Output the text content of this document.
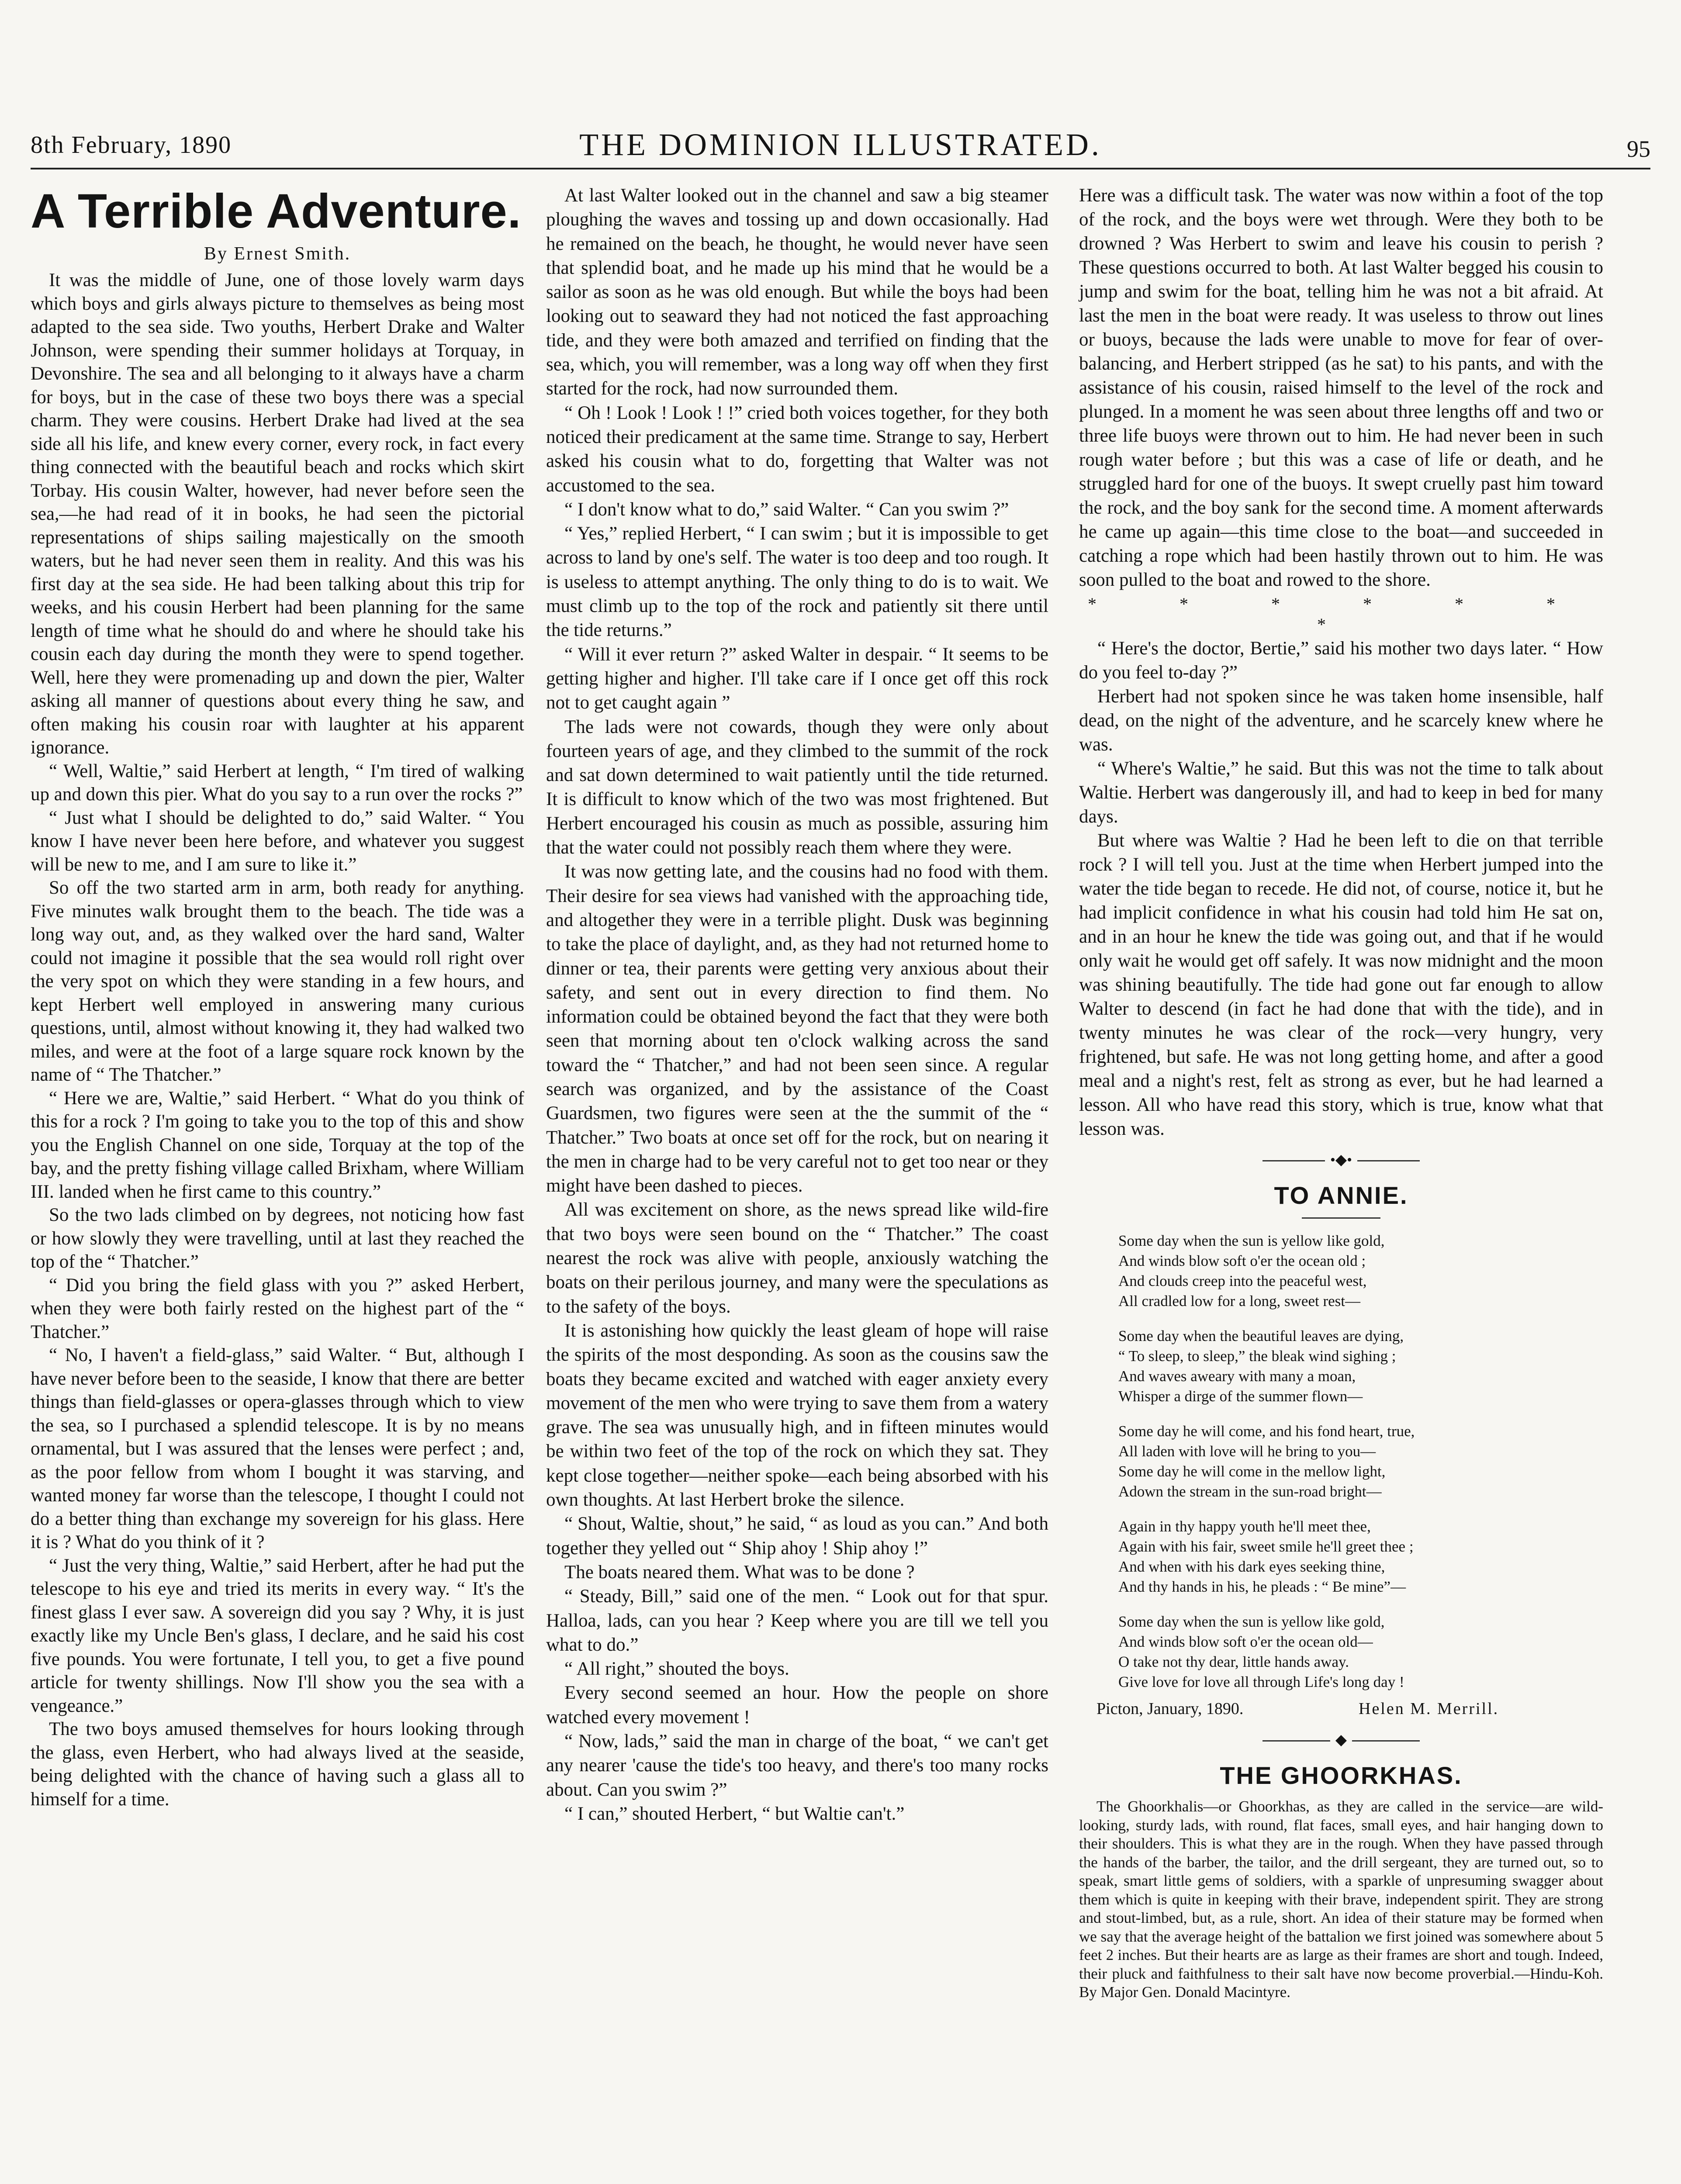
8th February, 1890	THE DOMINION ILLUSTRATED.	95
A Terrible Adventure.
By Ernest Smith.

It was the middle of June, one of those lovely warm days which boys and girls always picture to themselves as being most adapted to the sea side. Two youths, Herbert Drake and Walter Johnson, were spending their summer holidays at Torquay, in Devonshire. The sea and all belonging to it always have a charm for boys, but in the case of these two boys there was a special charm. They were cousins. Herbert Drake had lived at the sea side all his life, and knew every corner, every rock, in fact every thing connected with the beautiful beach and rocks which skirt Torbay. His cousin Walter, however, had never before seen the sea,—he had read of it in books, he had seen the pictorial representations of ships sailing majestically on the smooth waters, but he had never seen them in reality. And this was his first day at the sea side. He had been talking about this trip for weeks, and his cousin Herbert had been planning for the same length of time what he should do and where he should take his cousin each day during the month they were to spend together. Well, here they were promenading up and down the pier, Walter asking all manner of questions about every thing he saw, and often making his cousin roar with laughter at his apparent ignorance.

“ Well, Waltie,” said Herbert at length, “ I'm tired of walking up and down this pier. What do you say to a run over the rocks ?”

“ Just what I should be delighted to do,” said Walter. “ You know I have never been here before, and whatever you suggest will be new to me, and I am sure to like it.”

So off the two started arm in arm, both ready for anything. Five minutes walk brought them to the beach. The tide was a long way out, and, as they walked over the hard sand, Walter could not imagine it possible that the sea would roll right over the very spot on which they were standing in a few hours, and kept Herbert well employed in answering many curious questions, until, almost without knowing it, they had walked two miles, and were at the foot of a large square rock known by the name of “ The Thatcher.”

“ Here we are, Waltie,” said Herbert. “ What do you think of this for a rock ? I'm going to take you to the top of this and show you the English Channel on one side, Torquay at the top of the bay, and the pretty fishing village called Brixham, where William III. landed when he first came to this country.”

So the two lads climbed on by degrees, not noticing how fast or how slowly they were travelling, until at last they reached the top of the “ Thatcher.”

“ Did you bring the field glass with you ?” asked Herbert, when they were both fairly rested on the highest part of the “ Thatcher.”

“ No, I haven't a field-glass,” said Walter. “ But, although I have never before been to the seaside, I know that there are better things than field-glasses or opera-glasses through which to view the sea, so I purchased a splendid telescope. It is by no means ornamental, but I was assured that the lenses were perfect ; and, as the poor fellow from whom I bought it was starving, and wanted money far worse than the telescope, I thought I could not do a better thing than exchange my sovereign for his glass. Here it is ? What do you think of it ?

“ Just the very thing, Waltie,” said Herbert, after he had put the telescope to his eye and tried its merits in every way. “ It's the finest glass I ever saw. A sovereign did you say ? Why, it is just exactly like my Uncle Ben's glass, I declare, and he said his cost five pounds. You were fortunate, I tell you, to get a five pound article for twenty shillings. Now I'll show you the sea with a vengeance.”

The two boys amused themselves for hours looking through the glass, even Herbert, who had always lived at the seaside, being delighted with the chance of having such a glass all to himself for a time.

At last Walter looked out in the channel and saw a big steamer ploughing the waves and tossing up and down occasionally. Had he remained on the beach, he thought, he would never have seen that splendid boat, and he made up his mind that he would be a sailor as soon as he was old enough. But while the boys had been looking out to seaward they had not noticed the fast approaching tide, and they were both amazed and terrified on finding that the sea, which, you will remember, was a long way off when they first started for the rock, had now surrounded them.

“ Oh ! Look ! Look ! !” cried both voices together, for they both noticed their predicament at the same time. Strange to say, Herbert asked his cousin what to do, forgetting that Walter was not accustomed to the sea.

“ I don't know what to do,” said Walter. “ Can you swim ?”

“ Yes,” replied Herbert, “ I can swim ; but it is impossible to get across to land by one's self. The water is too deep and too rough. It is useless to attempt anything. The only thing to do is to wait. We must climb up to the top of the rock and patiently sit there until the tide returns.”

“ Will it ever return ?” asked Walter in despair. “ It seems to be getting higher and higher. I'll take care if I once get off this rock not to get caught again ”

The lads were not cowards, though they were only about fourteen years of age, and they climbed to the summit of the rock and sat down determined to wait patiently until the tide returned. It is difficult to know which of the two was most frightened. But Herbert encouraged his cousin as much as possible, assuring him that the water could not possibly reach them where they were.

It was now getting late, and the cousins had no food with them. Their desire for sea views had vanished with the approaching tide, and altogether they were in a terrible plight. Dusk was beginning to take the place of daylight, and, as they had not returned home to dinner or tea, their parents were getting very anxious about their safety, and sent out in every direction to find them. No information could be obtained beyond the fact that they were both seen that morning about ten o'clock walking across the sand toward the “ Thatcher,” and had not been seen since. A regular search was organized, and by the assistance of the Coast Guardsmen, two figures were seen at the the summit of the “ Thatcher.” Two boats at once set off for the rock, but on nearing it the men in charge had to be very careful not to get too near or they might have been dashed to pieces.

All was excitement on shore, as the news spread like wild-fire that two boys were seen bound on the “ Thatcher.” The coast nearest the rock was alive with people, anxiously watching the boats on their perilous journey, and many were the speculations as to the safety of the boys.

It is astonishing how quickly the least gleam of hope will raise the spirits of the most desponding. As soon as the cousins saw the boats they became excited and watched with eager anxiety every movement of the men who were trying to save them from a watery grave. The sea was unusually high, and in fifteen minutes would be within two feet of the top of the rock on which they sat. They kept close together—neither spoke—each being absorbed with his own thoughts. At last Herbert broke the silence.

“ Shout, Waltie, shout,” he said, “ as loud as you can.” And both together they yelled out “ Ship ahoy ! Ship ahoy !”

The boats neared them. What was to be done ?

“ Steady, Bill,” said one of the men. “ Look out for that spur. Halloa, lads, can you hear ? Keep where you are till we tell you what to do.”

“ All right,” shouted the boys.

Every second seemed an hour. How the people on shore watched every movement !

“ Now, lads,” said the man in charge of the boat, “ we can't get any nearer 'cause the tide's too heavy, and there's too many rocks about. Can you swim ?”

“ I can,” shouted Herbert, “ but Waltie can't.”

Here was a difficult task. The water was now within a foot of the top of the rock, and the boys were wet through. Were they both to be drowned ? Was Herbert to swim and leave his cousin to perish ? These questions occurred to both. At last Walter begged his cousin to jump and swim for the boat, telling him he was not a bit afraid. At last the men in the boat were ready. It was useless to throw out lines or buoys, because the lads were unable to move for fear of over-balancing, and Herbert stripped (as he sat) to his pants, and with the assistance of his cousin, raised himself to the level of the rock and plunged. In a moment he was seen about three lengths off and two or three life buoys were thrown out to him. He had never been in such rough water before ; but this was a case of life or death, and he struggled hard for one of the buoys. It swept cruelly past him toward the rock, and the boy sank for the second time. A moment afterwards he came up again—this time close to the boat—and succeeded in catching a rope which had been hastily thrown out to him. He was soon pulled to the boat and rowed to the shore.

* * * * * * *

“ Here's the doctor, Bertie,” said his mother two days later. “ How do you feel to-day ?”

Herbert had not spoken since he was taken home insensible, half dead, on the night of the adventure, and he scarcely knew where he was.

“ Where's Waltie,” he said. But this was not the time to talk about Waltie. Herbert was dangerously ill, and had to keep in bed for many days.

But where was Waltie ? Had he been left to die on that terrible rock ? I will tell you. Just at the time when Herbert jumped into the water the tide began to recede. He did not, of course, notice it, but he had implicit confidence in what his cousin had told him He sat on, and in an hour he knew the tide was going out, and that if he would only wait he would get off safely. It was now midnight and the moon was shining beautifully. The tide had gone out far enough to allow Walter to descend (in fact he had done that with the tide), and in twenty minutes he was clear of the rock—very hungry, very frightened, but safe. He was not long getting home, and after a good meal and a night's rest, felt as strong as ever, but he had learned a lesson. All who have read this story, which is true, know what that lesson was.

•◆•
TO ANNIE.
Some day when the sun is yellow like gold,
And winds blow soft o'er the ocean old ;
And clouds creep into the peaceful west,
All cradled low for a long, sweet rest—
Some day when the beautiful leaves are dying,
“ To sleep, to sleep,” the bleak wind sighing ;
And waves aweary with many a moan,
Whisper a dirge of the summer flown—
Some day he will come, and his fond heart, true,
All laden with love will he bring to you—
Some day he will come in the mellow light,
Adown the stream in the sun-road bright—
Again in thy happy youth he'll meet thee,
Again with his fair, sweet smile he'll greet thee ;
And when with his dark eyes seeking thine,
And thy hands in his, he pleads : “ Be mine”—
Some day when the sun is yellow like gold,
And winds blow soft o'er the ocean old—
O take not thy dear, little hands away.
Give love for love all through Life's long day !
Picton, January, 1890.	Helen M. Merrill.
◆
THE GHOORKHAS.

The Ghoorkhalis—or Ghoorkhas, as they are called in the service—are wild-looking, sturdy lads, with round, flat faces, small eyes, and hair hanging down to their shoulders. This is what they are in the rough. When they have passed through the hands of the barber, the tailor, and the drill sergeant, they are turned out, so to speak, smart little gems of soldiers, with a sparkle of unpresuming swagger about them which is quite in keeping with their brave, independent spirit. They are strong and stout-limbed, but, as a rule, short. An idea of their stature may be formed when we say that the average height of the battalion we first joined was somewhere about 5 feet 2 inches. But their hearts are as large as their frames are short and tough. Indeed, their pluck and faithfulness to their salt have now become proverbial.—Hindu-Koh. By Major Gen. Donald Macintyre.
